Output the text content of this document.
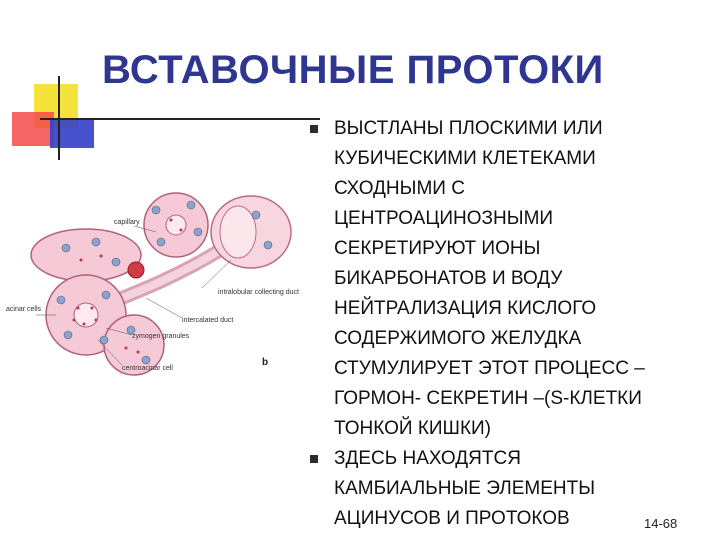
ВСТАВОЧНЫЕ ПРОТОКИ
ВЫСТЛАНЫ ПЛОСКИМИ ИЛИ
КУБИЧЕСКИМИ КЛЕТЕКАМИ
СХОДНЫМИ С
ЦЕНТРОАЦИНОЗНЫМИ
СЕКРЕТИРУЮТ ИОНЫ
БИКАРБОНАТОВ И ВОДУ
НЕЙТРАЛИЗАЦИЯ КИСЛОГО
СОДЕРЖИМОГО ЖЕЛУДКА
СТУМУЛИРУЕТ ЭТОТ ПРОЦЕСС –
ГОРМОН- СЕКРЕТИН –(S-КЛЕТКИ
ТОНКОЙ КИШКИ)
ЗДЕСЬ НАХОДЯТСЯ
КАМБИАЛЬНЫЕ ЭЛЕМЕНТЫ
АЦИНУСОВ И ПРОТОКОВ
capillary
intralobular collecting duct
acinar cells
intercalated duct
zymogen granules
centroacinar cell
b
14-68
